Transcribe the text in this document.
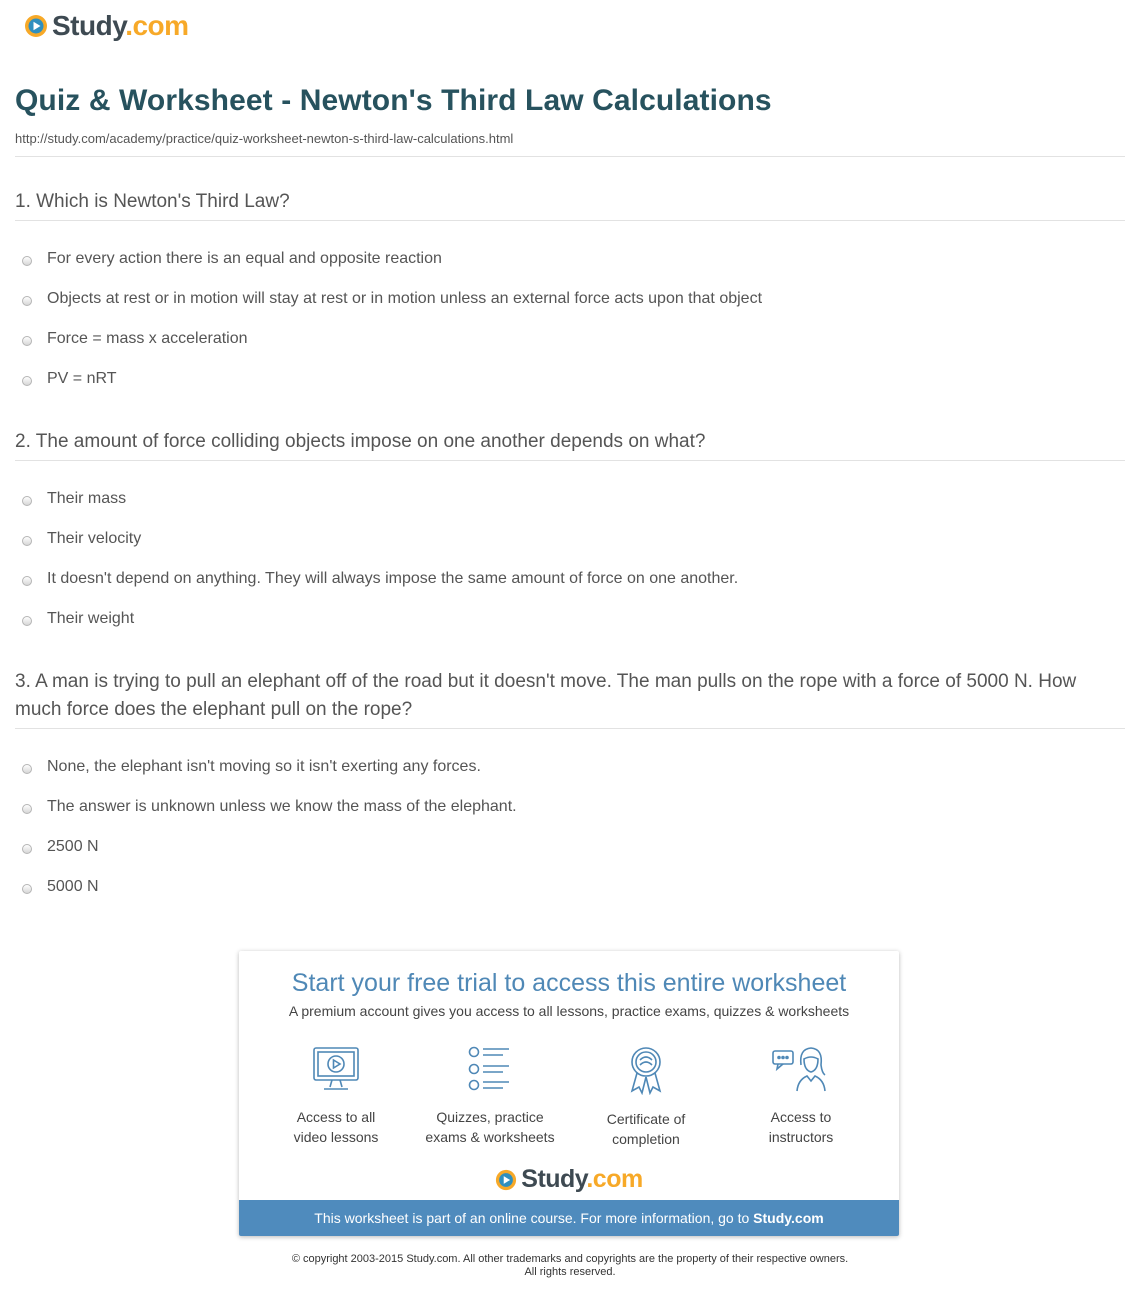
Study.com
Quiz & Worksheet - Newton's Third Law Calculations
http://study.com/academy/practice/quiz-worksheet-newton-s-third-law-calculations.html
1. Which is Newton's Third Law?
For every action there is an equal and opposite reaction
Objects at rest or in motion will stay at rest or in motion unless an external force acts upon that object
Force = mass x acceleration
PV = nRT
2. The amount of force colliding objects impose on one another depends on what?
Their mass
Their velocity
It doesn't depend on anything. They will always impose the same amount of force on one another.
Their weight
3. A man is trying to pull an elephant off of the road but it doesn't move. The man pulls on the rope with a force of 5000 N. How much force does the elephant pull on the rope?
None, the elephant isn't moving so it isn't exerting any forces.
The answer is unknown unless we know the mass of the elephant.
2500 N
5000 N
Start your free trial to access this entire worksheet
A premium account gives you access to all lessons, practice exams, quizzes & worksheets
Access to all
video lessons
Quizzes, practice
exams & worksheets
Certificate of
completion
Access to
instructors
Study.com
This worksheet is part of an online course. For more information, go to Study.com
© copyright 2003-2015 Study.com. All other trademarks and copyrights are the property of their respective owners.
All rights reserved.
